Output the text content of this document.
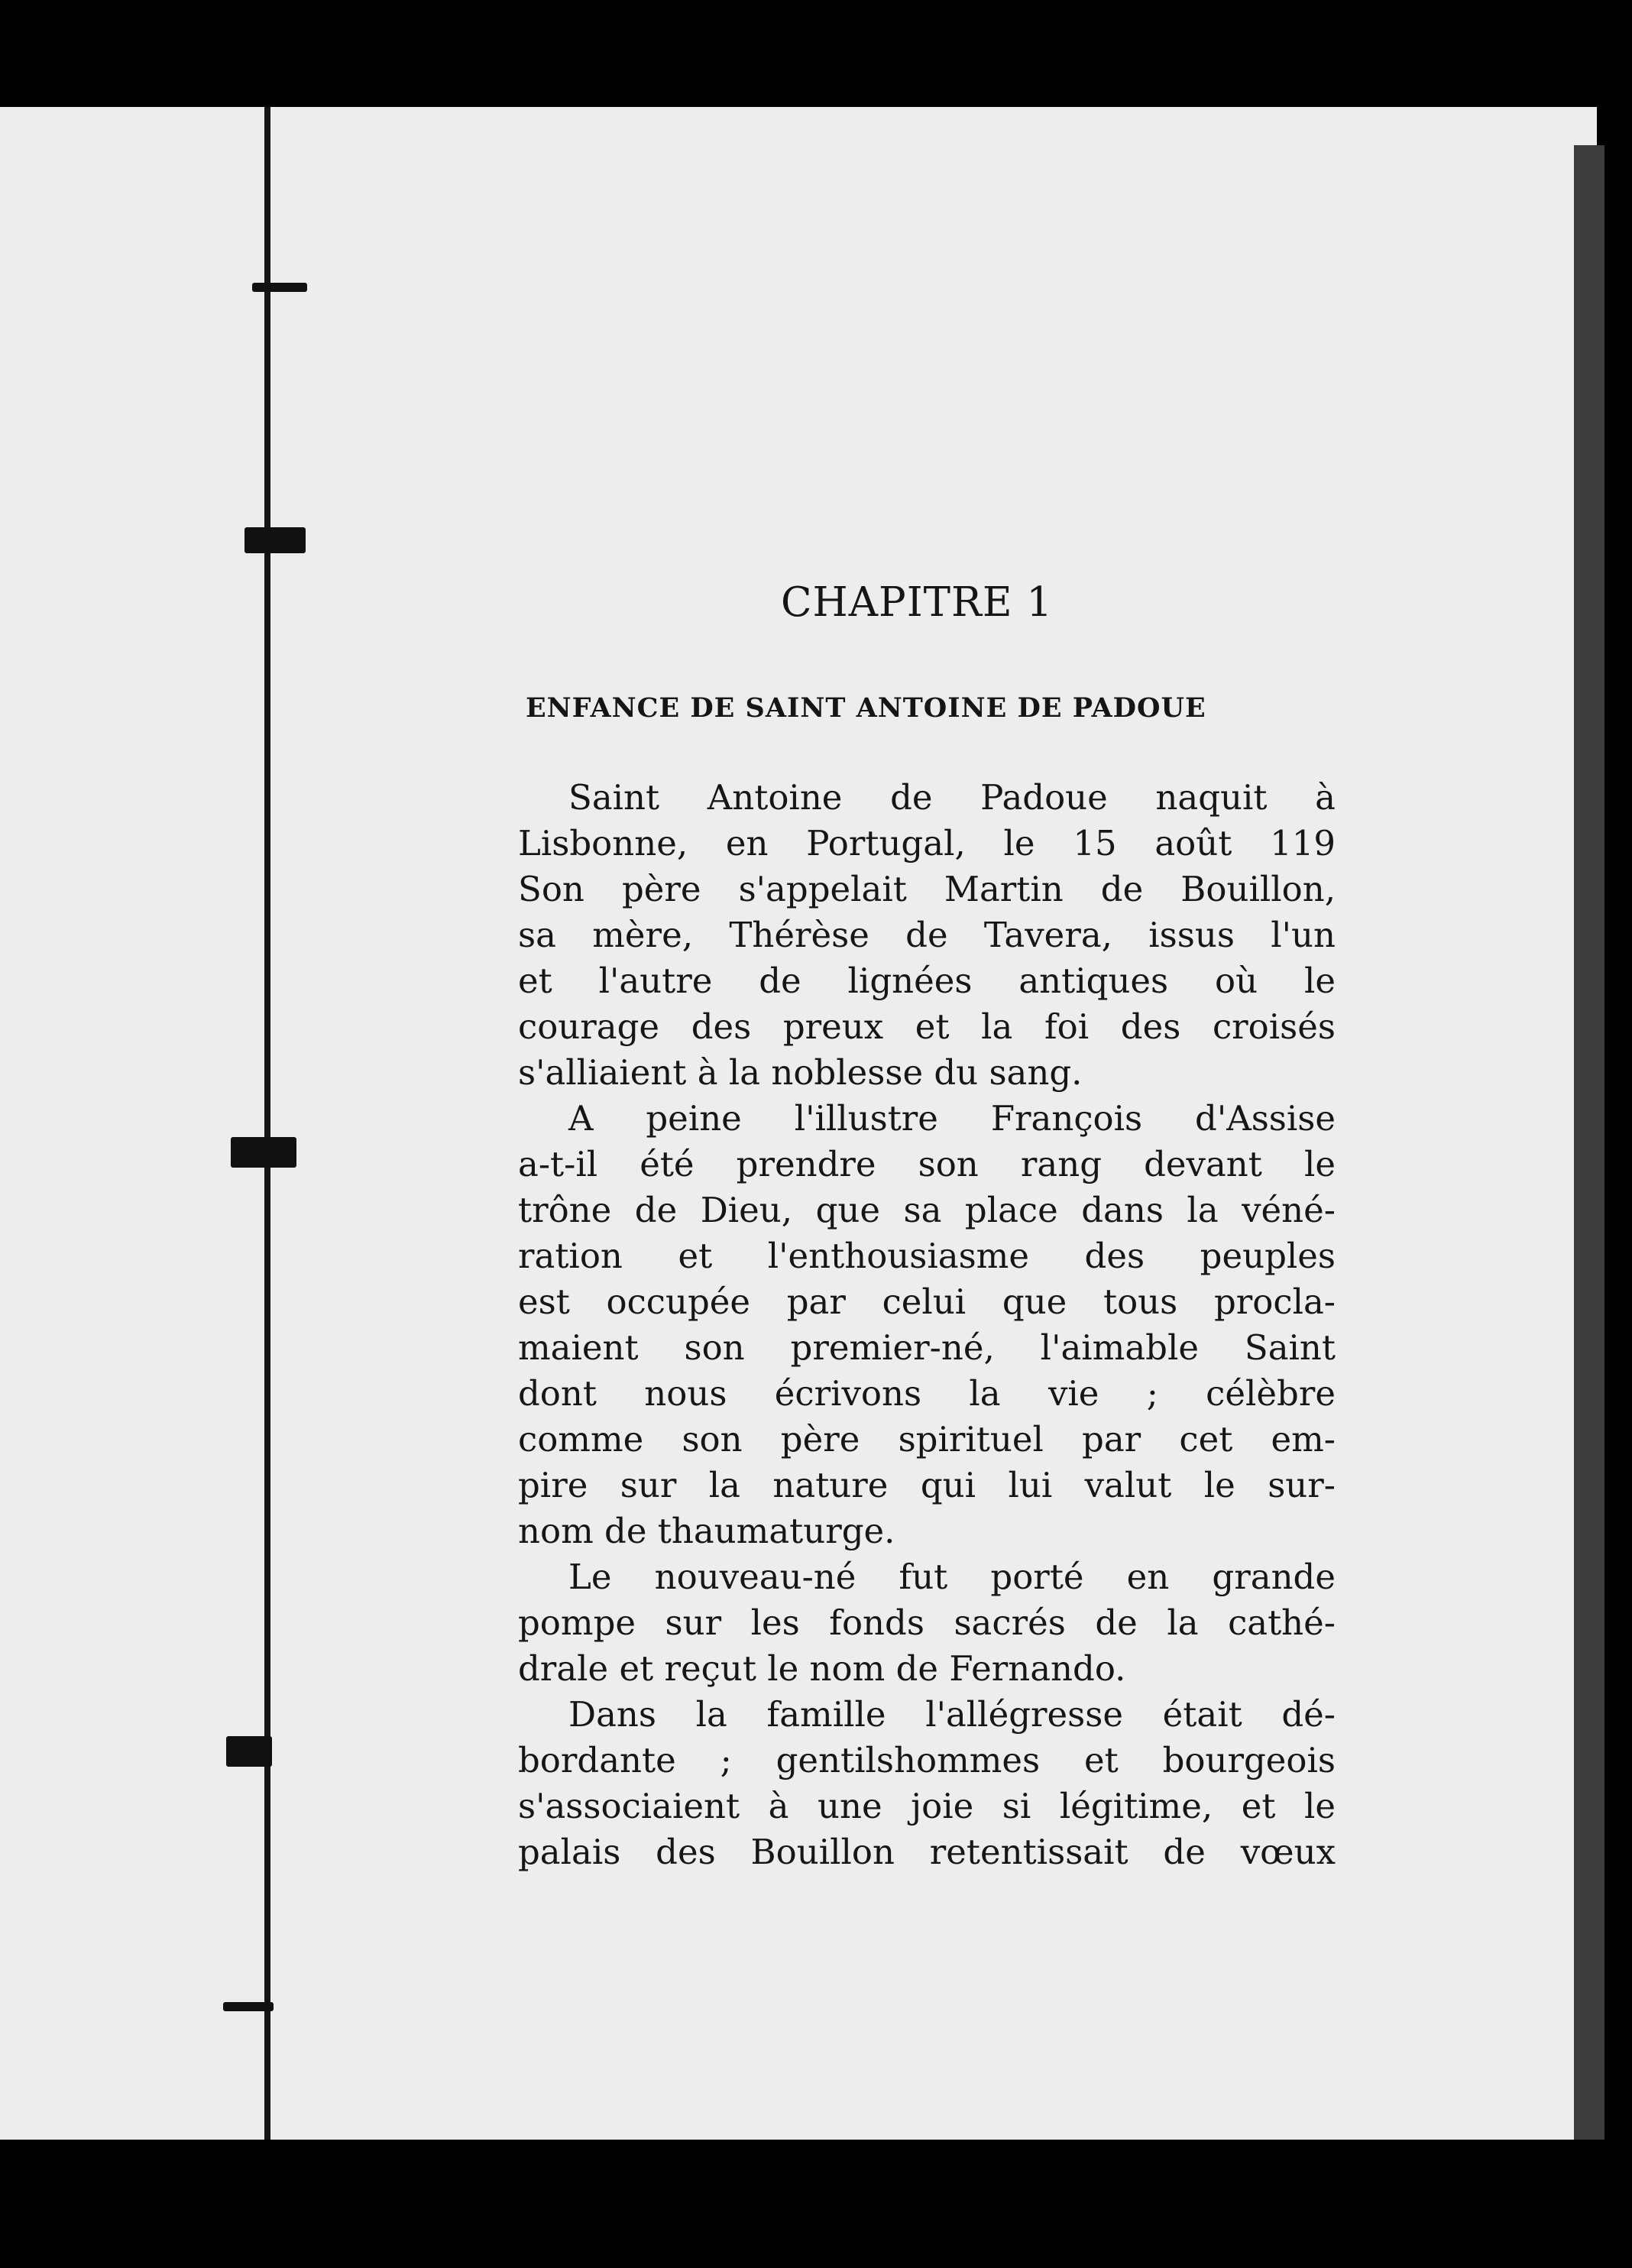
CHAPITRE 1
ENFANCE DE SAINT ANTOINE DE PADOUE
Saint Antoine de Padoue naquit à
Lisbonne, en Portugal, le 15 août 119
Son père s'appelait Martin de Bouillon,
sa mère, Thérèse de Tavera, issus l'un
et l'autre de lignées antiques où le
courage des preux et la foi des croisés
s'alliaient à la noblesse du sang.
A peine l'illustre François d'Assise
a-t-il été prendre son rang devant le
trône de Dieu, que sa place dans la véné-
ration et l'enthousiasme des peuples
est occupée par celui que tous procla-
maient son premier-né, l'aimable Saint
dont nous écrivons la vie ; célèbre
comme son père spirituel par cet em-
pire sur la nature qui lui valut le sur-
nom de thaumaturge.
Le nouveau-né fut porté en grande
pompe sur les fonds sacrés de la cathé-
drale et reçut le nom de Fernando.
Dans la famille l'allégresse était dé-
bordante ; gentilshommes et bourgeois
s'associaient à une joie si légitime, et le
palais des Bouillon retentissait de vœux
